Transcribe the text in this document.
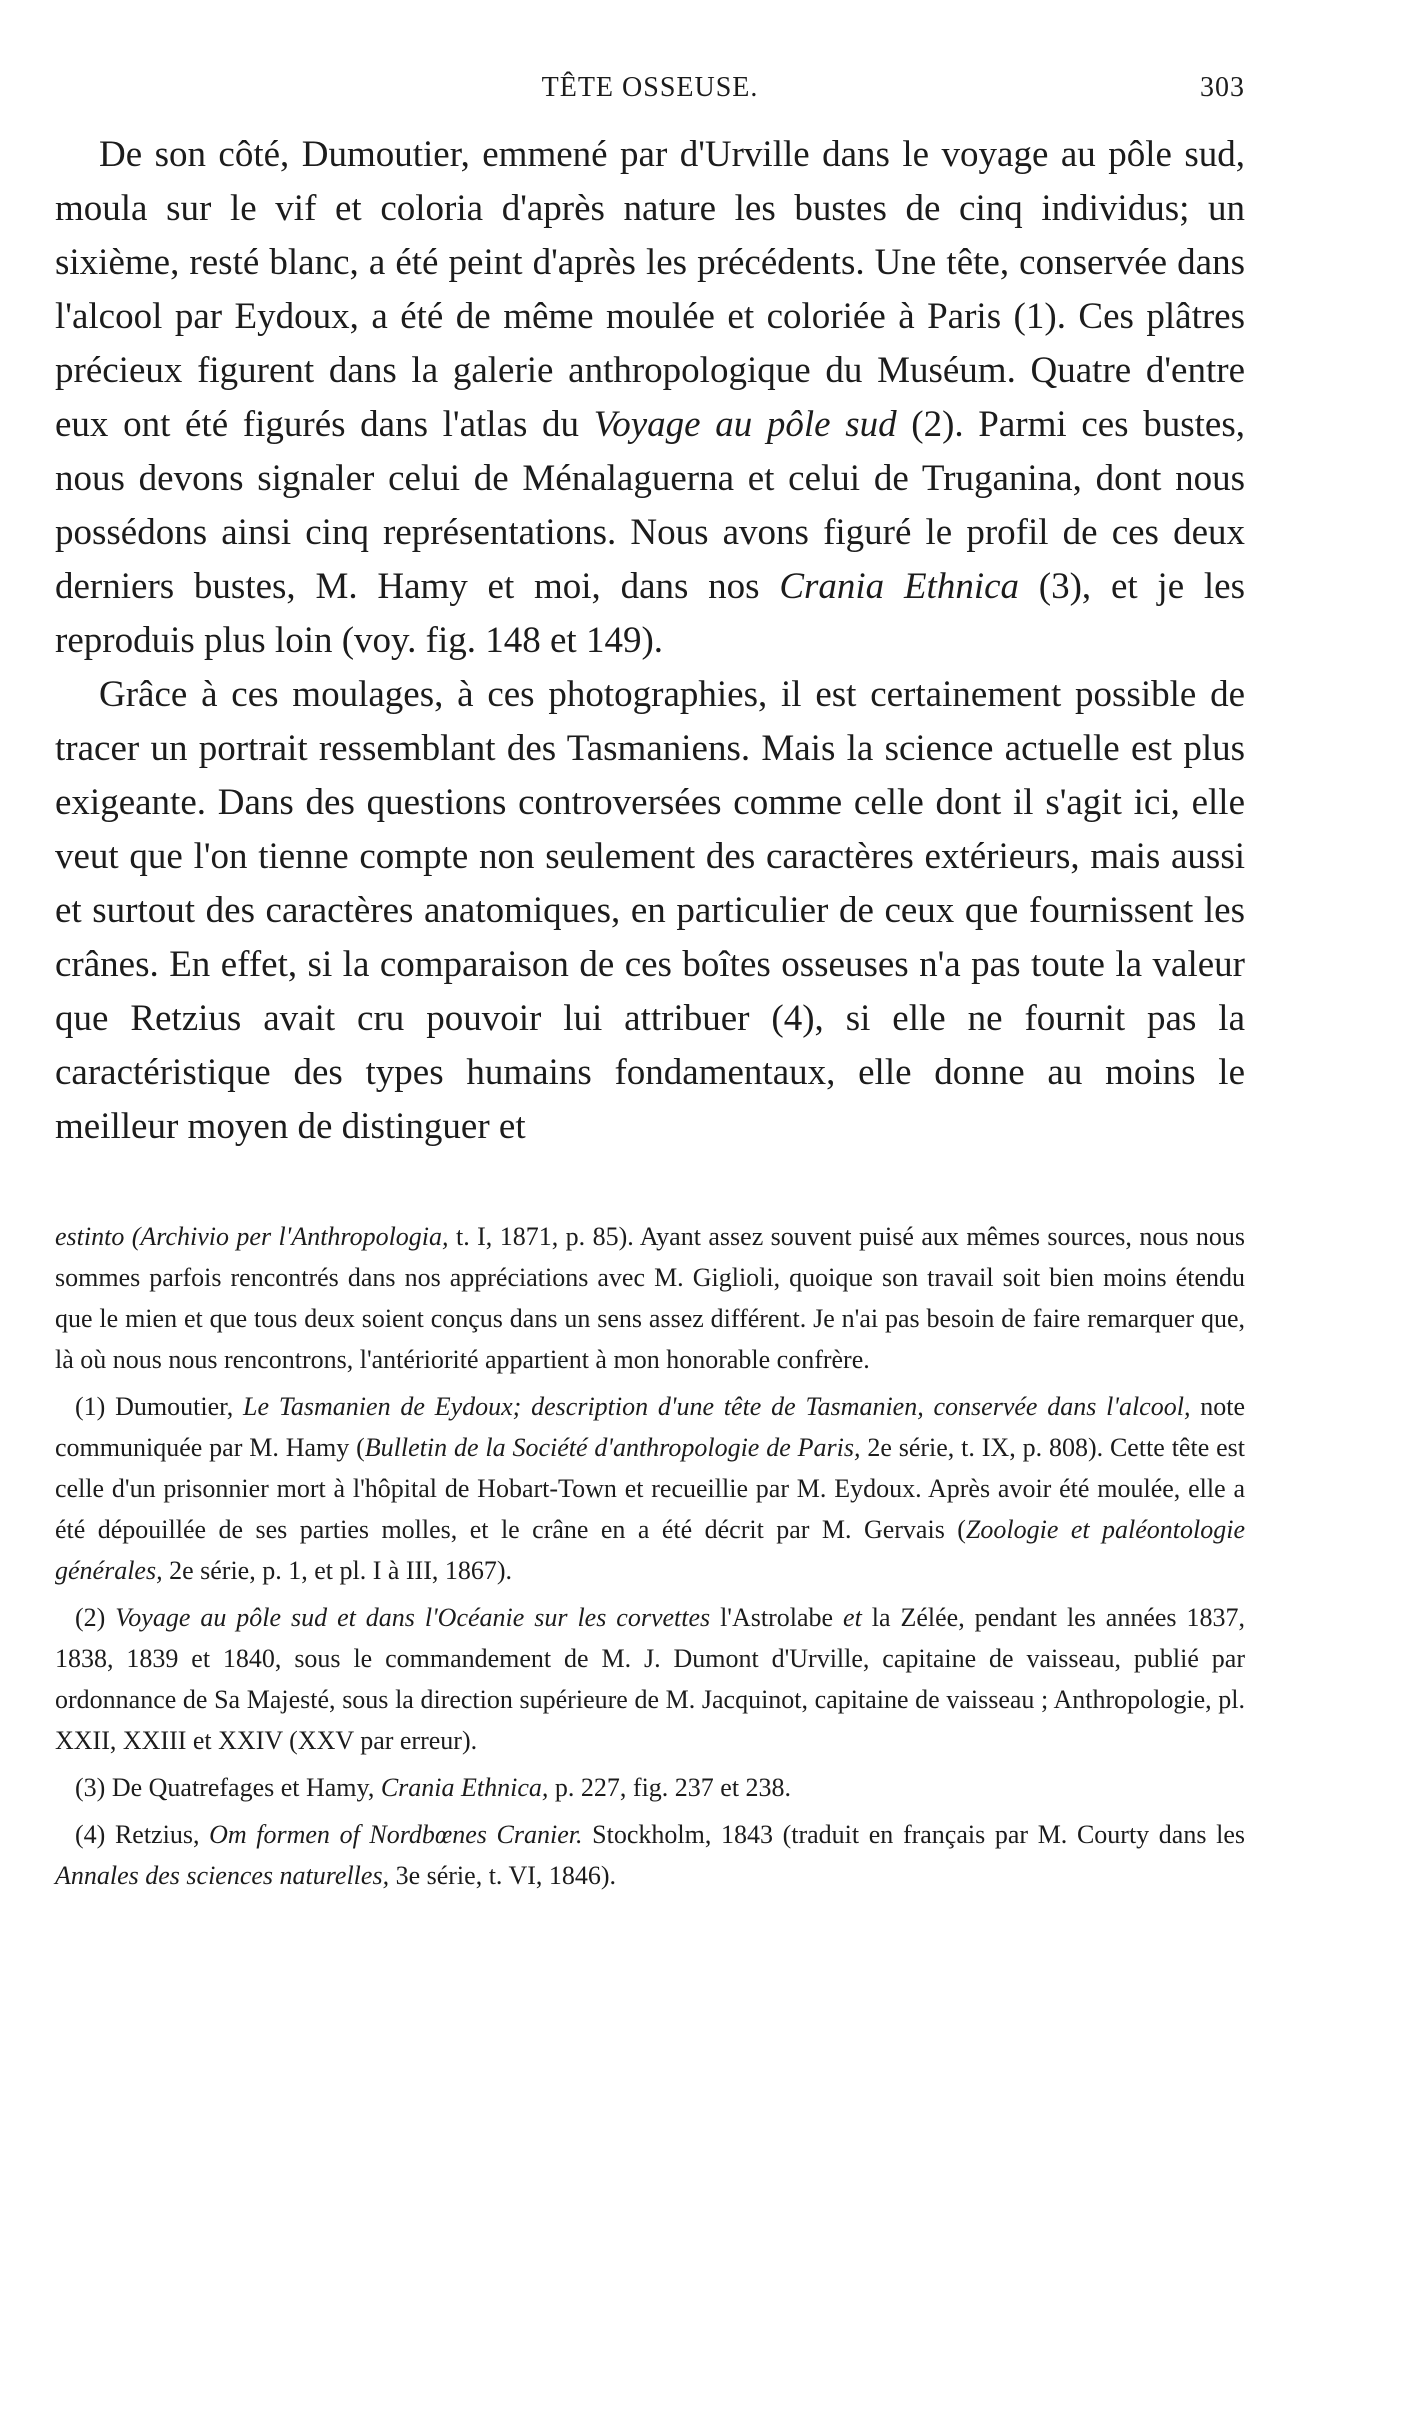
TÊTE OSSEUSE.	303

De son côté, Dumoutier, emmené par d'Urville dans le voyage au pôle sud, moula sur le vif et coloria d'après nature les bustes de cinq individus; un sixième, resté blanc, a été peint d'après les précédents. Une tête, conservée dans l'alcool par Eydoux, a été de même moulée et coloriée à Paris (1). Ces plâtres précieux figurent dans la galerie anthropologique du Muséum. Quatre d'entre eux ont été figurés dans l'atlas du Voyage au pôle sud (2). Parmi ces bustes, nous devons signaler celui de Ménalaguerna et celui de Truganina, dont nous possédons ainsi cinq représentations. Nous avons figuré le profil de ces deux derniers bustes, M. Hamy et moi, dans nos Crania Ethnica (3), et je les reproduis plus loin (voy. fig. 148 et 149).

Grâce à ces moulages, à ces photographies, il est certainement possible de tracer un portrait ressemblant des Tasmaniens. Mais la science actuelle est plus exigeante. Dans des questions controversées comme celle dont il s'agit ici, elle veut que l'on tienne compte non seulement des caractères extérieurs, mais aussi et surtout des caractères anatomiques, en particulier de ceux que fournissent les crânes. En effet, si la comparaison de ces boîtes osseuses n'a pas toute la valeur que Retzius avait cru pouvoir lui attribuer (4), si elle ne fournit pas la caractéristique des types humains fondamentaux, elle donne au moins le meilleur moyen de distinguer et

estinto (Archivio per l'Anthropologia, t. I, 1871, p. 85). Ayant assez souvent puisé aux mêmes sources, nous nous sommes parfois rencontrés dans nos appréciations avec M. Giglioli, quoique son travail soit bien moins étendu que le mien et que tous deux soient conçus dans un sens assez différent. Je n'ai pas besoin de faire remarquer que, là où nous nous rencontrons, l'antériorité appartient à mon honorable confrère.

(1) Dumoutier, Le Tasmanien de Eydoux; description d'une tête de Tasmanien, conservée dans l'alcool, note communiquée par M. Hamy (Bulletin de la Société d'anthropologie de Paris, 2e série, t. IX, p. 808). Cette tête est celle d'un prisonnier mort à l'hôpital de Hobart-Town et recueillie par M. Eydoux. Après avoir été moulée, elle a été dépouillée de ses parties molles, et le crâne en a été décrit par M. Gervais (Zoologie et paléontologie générales, 2e série, p. 1, et pl. I à III, 1867).

(2) Voyage au pôle sud et dans l'Océanie sur les corvettes l'Astrolabe et la Zélée, pendant les années 1837, 1838, 1839 et 1840, sous le commandement de M. J. Dumont d'Urville, capitaine de vaisseau, publié par ordonnance de Sa Majesté, sous la direction supérieure de M. Jacquinot, capitaine de vaisseau ; Anthropologie, pl. XXII, XXIII et XXIV (XXV par erreur).

(3) De Quatrefages et Hamy, Crania Ethnica, p. 227, fig. 237 et 238.

(4) Retzius, Om formen of Nordbœnes Cranier. Stockholm, 1843 (traduit en français par M. Courty dans les Annales des sciences naturelles, 3e série, t. VI, 1846).
